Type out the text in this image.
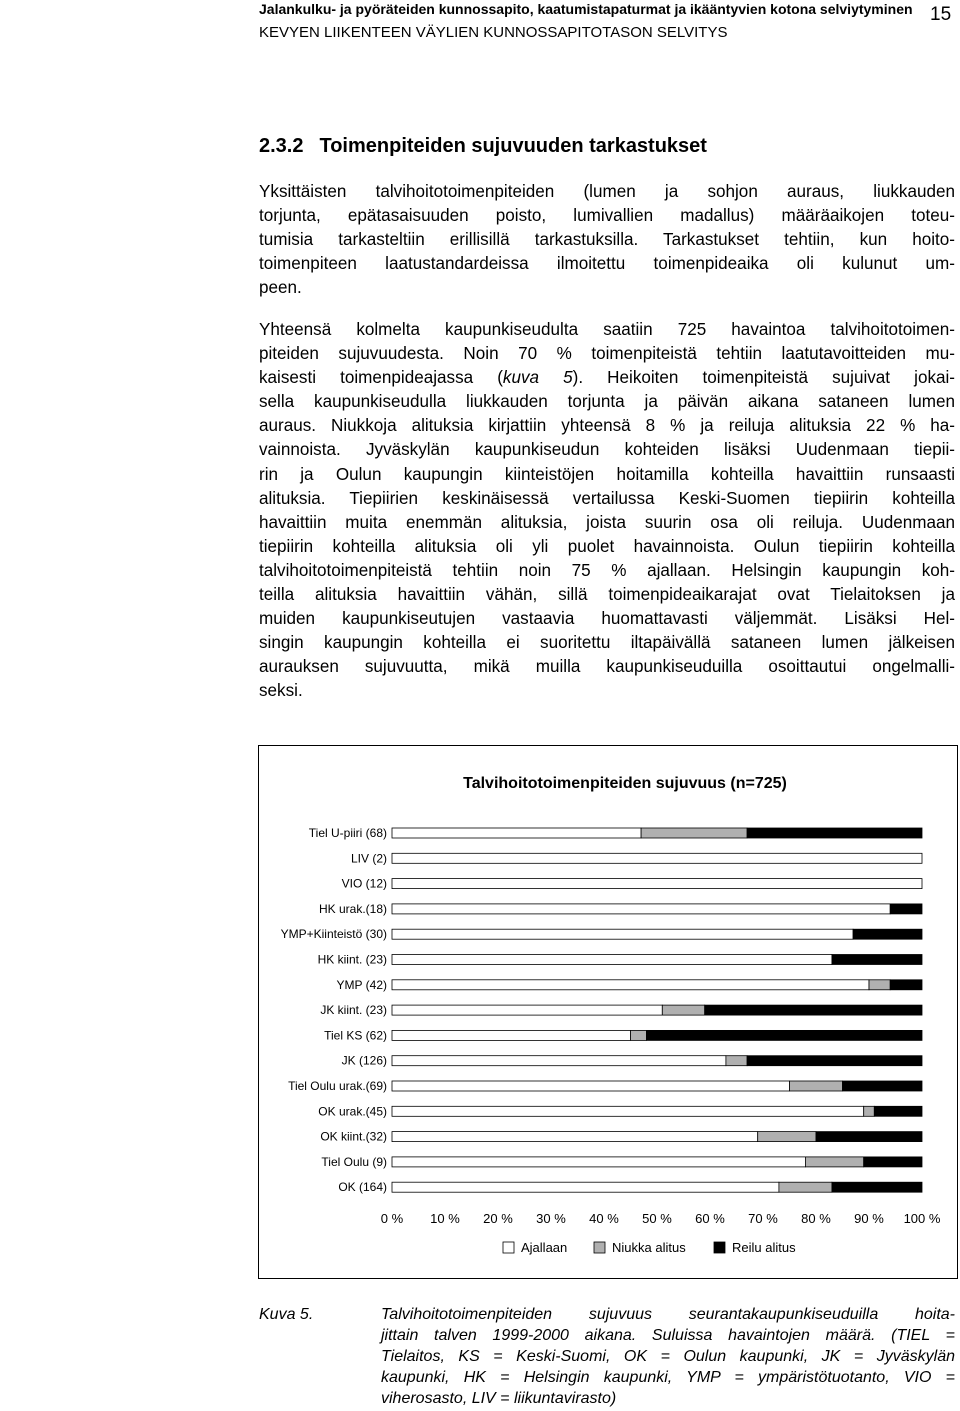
Jalankulku- ja pyöräteiden kunnossapito, kaatumistapaturmat ja ikääntyvien kotona selviytyminen
KEVYEN LIIKENTEEN VÄYLIEN KUNNOSSAPITOTASON SELVITYS
15
2.3.2 Toimenpiteiden sujuvuuden tarkastukset
Yksittäisten talvihoitotoimenpiteiden (lumen ja sohjon auraus, liukkauden
torjunta, epätasaisuuden poisto, lumivallien madallus) määräaikojen toteu-
tumisia tarkasteltiin erillisillä tarkastuksilla. Tarkastukset tehtiin, kun hoito-
toimenpiteen laatustandardeissa ilmoitettu toimenpideaika oli kulunut um-
peen.
Yhteensä kolmelta kaupunkiseudulta saatiin 725 havaintoa talvihoitotoimen-
piteiden sujuvuudesta. Noin 70 % toimenpiteistä tehtiin laatutavoitteiden mu-
kaisesti toimenpideajassa (kuva 5). Heikoiten toimenpiteistä sujuivat jokai-
sella kaupunkiseudulla liukkauden torjunta ja päivän aikana sataneen lumen
auraus. Niukkoja alituksia kirjattiin yhteensä 8 % ja reiluja alituksia 22 % ha-
vainnoista. Jyväskylän kaupunkiseudun kohteiden lisäksi Uudenmaan tiepii-
rin ja Oulun kaupungin kiinteistöjen hoitamilla kohteilla havaittiin runsaasti
alituksia. Tiepiirien keskinäisessä vertailussa Keski-Suomen tiepiirin kohteilla
havaittiin muita enemmän alituksia, joista suurin osa oli reiluja. Uudenmaan
tiepiirin kohteilla alituksia oli yli puolet havainnoista. Oulun tiepiirin kohteilla
talvihoitotoimenpiteistä tehtiin noin 75 % ajallaan. Helsingin kaupungin koh-
teilla alituksia havaittiin vähän, sillä toimenpideaikarajat ovat Tielaitoksen ja
muiden kaupunkiseutujen vastaavia huomattavasti väljemmät. Lisäksi Hel-
singin kaupungin kohteilla ei suoritettu iltapäivällä sataneen lumen jälkeisen
aurauksen sujuvuutta, mikä muilla kaupunkiseuduilla osoittautui ongelmalli-
seksi.
Talvihoitotoimenpiteiden sujuvuus (n=725)
Tiel U-piiri (68)
LIV (2)
VIO (12)
HK urak.(18)
YMP+Kiinteistö (30)
HK kiint. (23)
YMP (42)
JK kiint. (23)
Tiel KS (62)
JK (126)
Tiel Oulu urak.(69)
OK urak.(45)
OK kiint.(32)
Tiel Oulu (9)
OK (164)
0 % 10 % 20 % 30 % 40 % 50 % 60 % 70 % 80 % 90 % 100 %
Ajallaan	Niukka alitus	Reilu alitus
Kuva 5.	Talvihoitotoimenpiteiden sujuvuus seurantakaupunkiseuduilla hoita-
jittain talven 1999-2000 aikana. Suluissa havaintojen määrä. (TIEL =
Tielaitos, KS = Keski-Suomi, OK = Oulun kaupunki, JK = Jyväskylän
kaupunki, HK = Helsingin kaupunki, YMP = ympäristötuotanto, VIO =
viherosasto, LIV = liikuntavirasto)
